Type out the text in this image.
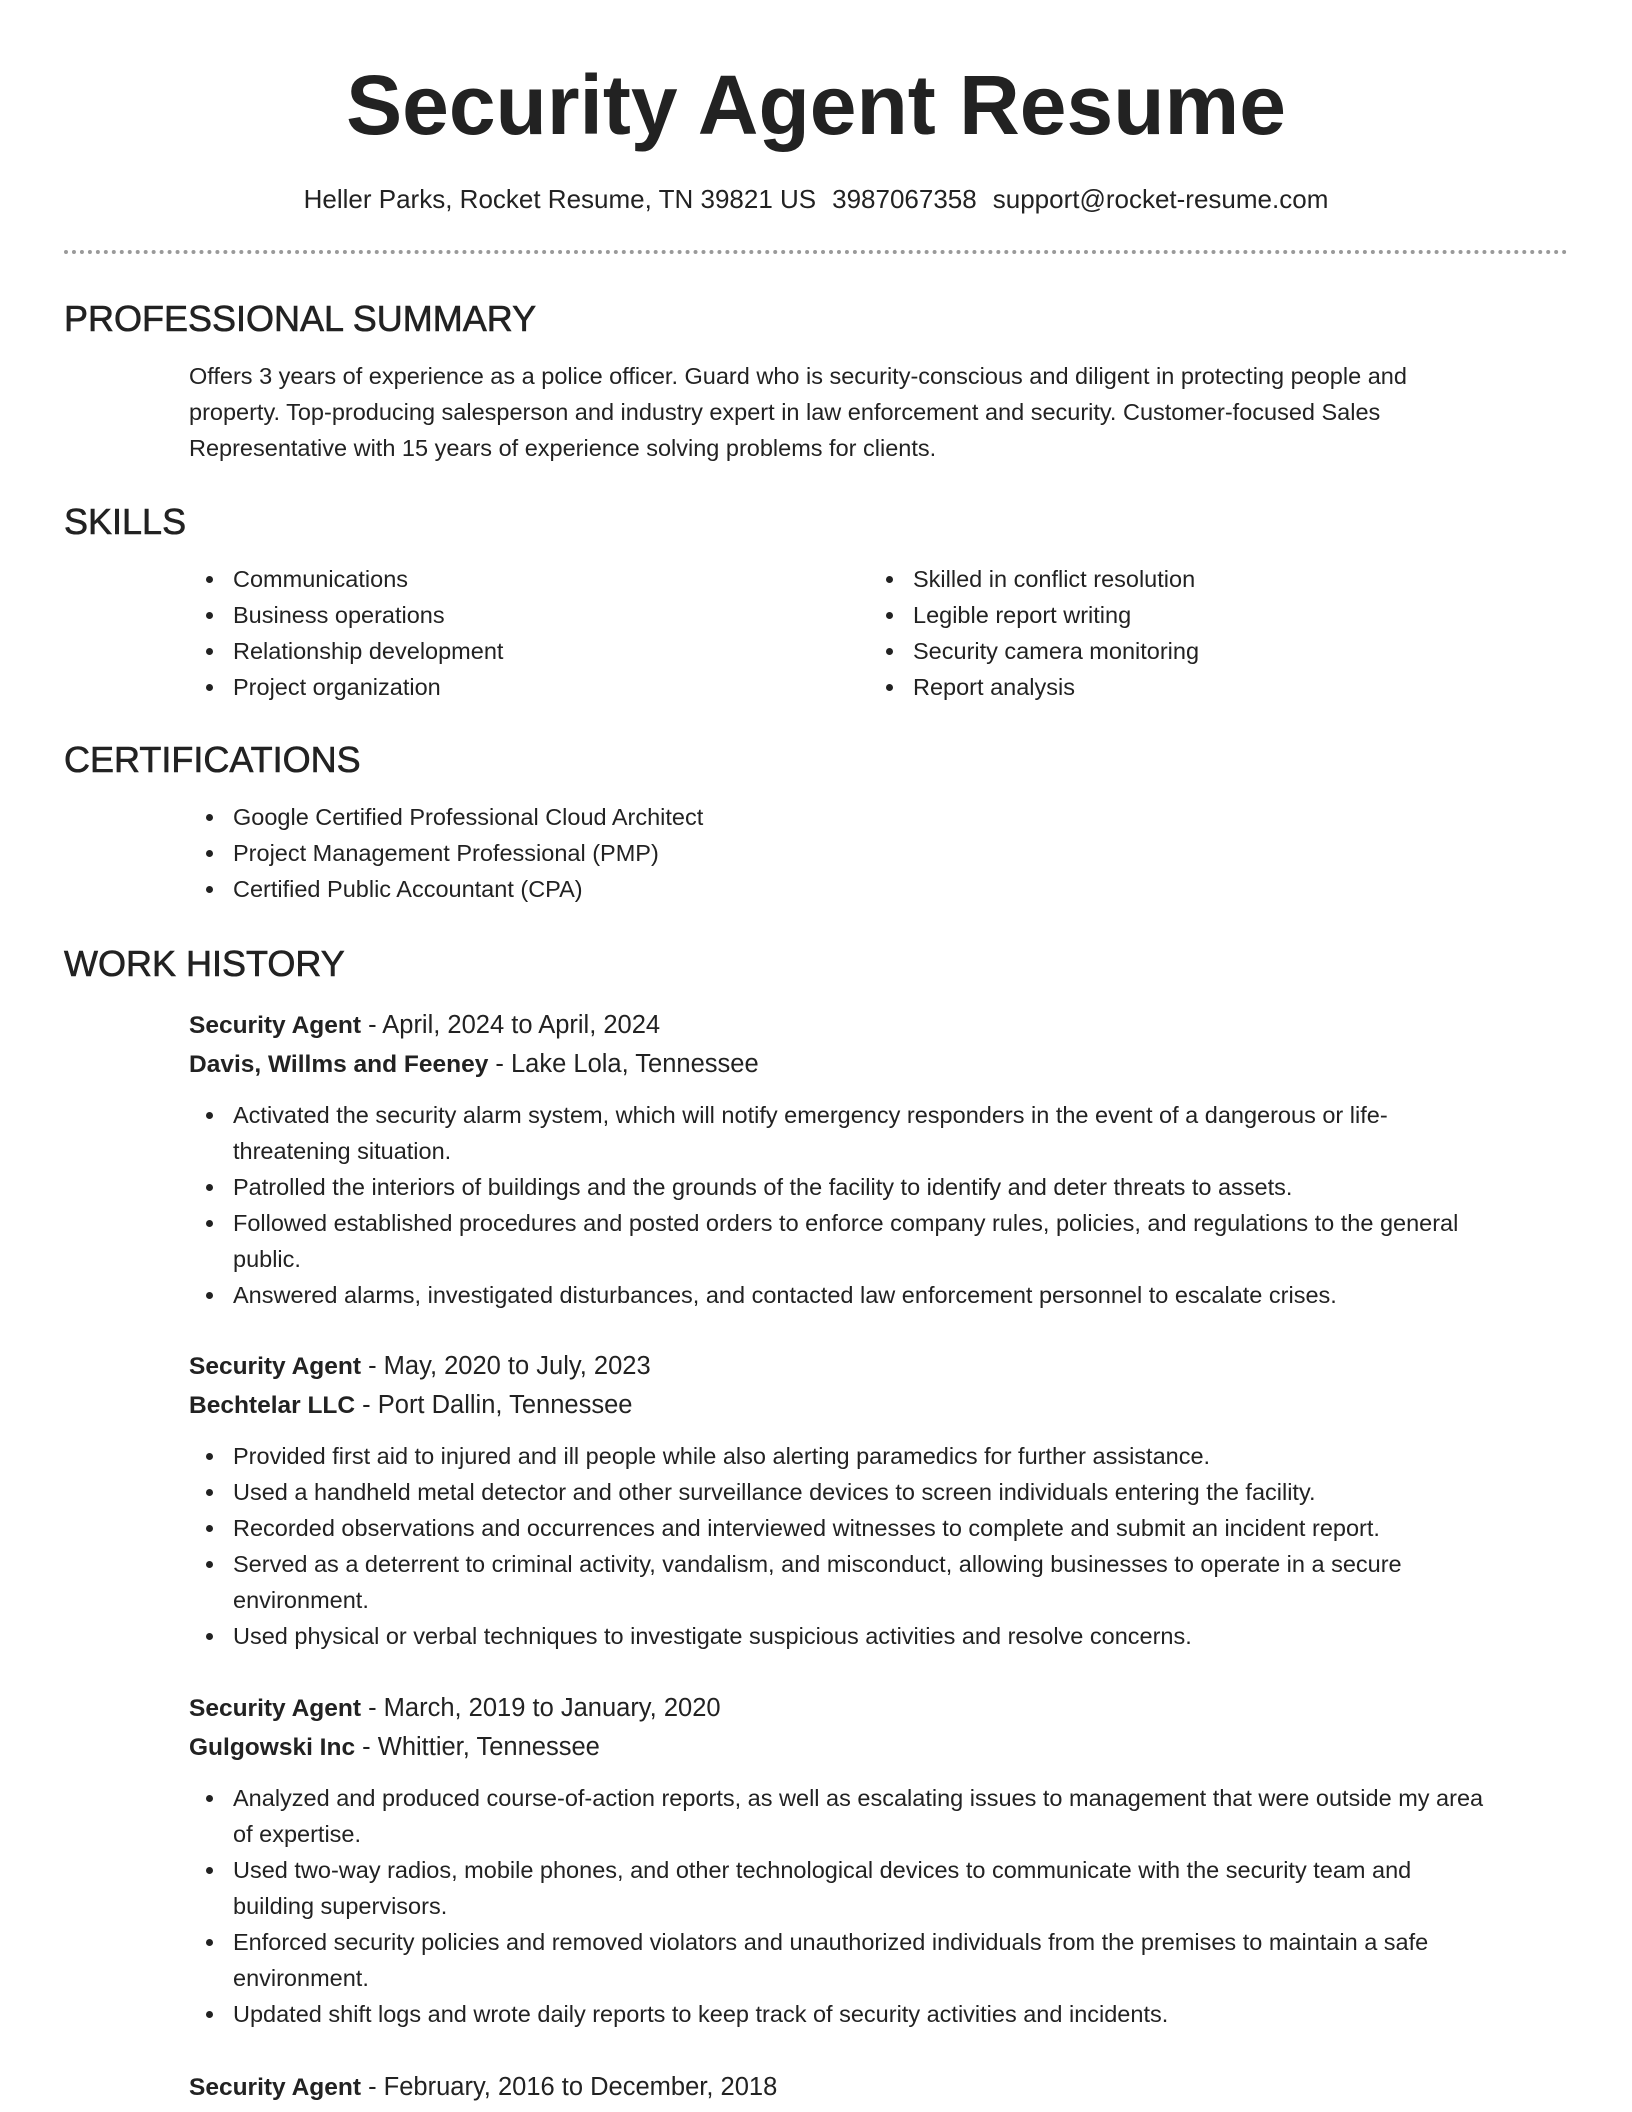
Security Agent Resume
Heller Parks, Rocket Resume, TN 39821 US 3987067358 support@rocket-resume.com
PROFESSIONAL SUMMARY

Offers 3 years of experience as a police officer. Guard who is security-conscious and diligent in protecting people and

property. Top-producing salesperson and industry expert in law enforcement and security. Customer-focused Sales

Representative with 15 years of experience solving problems for clients.

SKILLS
Communications
Business operations
Relationship development
Project organization
Skilled in conflict resolution
Legible report writing
Security camera monitoring
Report analysis
CERTIFICATIONS
Google Certified Professional Cloud Architect
Project Management Professional (PMP)
Certified Public Accountant (CPA)
WORK HISTORY

Security Agent - April, 2024 to April, 2024

Davis, Willms and Feeney - Lake Lola, Tennessee

Activated the security alarm system, which will notify emergency responders in the event of a dangerous or life-
threatening situation.
Patrolled the interiors of buildings and the grounds of the facility to identify and deter threats to assets.
Followed established procedures and posted orders to enforce company rules, policies, and regulations to the general
public.
Answered alarms, investigated disturbances, and contacted law enforcement personnel to escalate crises.

Security Agent - May, 2020 to July, 2023

Bechtelar LLC - Port Dallin, Tennessee

Provided first aid to injured and ill people while also alerting paramedics for further assistance.
Used a handheld metal detector and other surveillance devices to screen individuals entering the facility.
Recorded observations and occurrences and interviewed witnesses to complete and submit an incident report.
Served as a deterrent to criminal activity, vandalism, and misconduct, allowing businesses to operate in a secure
environment.
Used physical or verbal techniques to investigate suspicious activities and resolve concerns.

Security Agent - March, 2019 to January, 2020

Gulgowski Inc - Whittier, Tennessee

Analyzed and produced course-of-action reports, as well as escalating issues to management that were outside my area
of expertise.
Used two-way radios, mobile phones, and other technological devices to communicate with the security team and
building supervisors.
Enforced security policies and removed violators and unauthorized individuals from the premises to maintain a safe
environment.
Updated shift logs and wrote daily reports to keep track of security activities and incidents.

Security Agent - February, 2016 to December, 2018
